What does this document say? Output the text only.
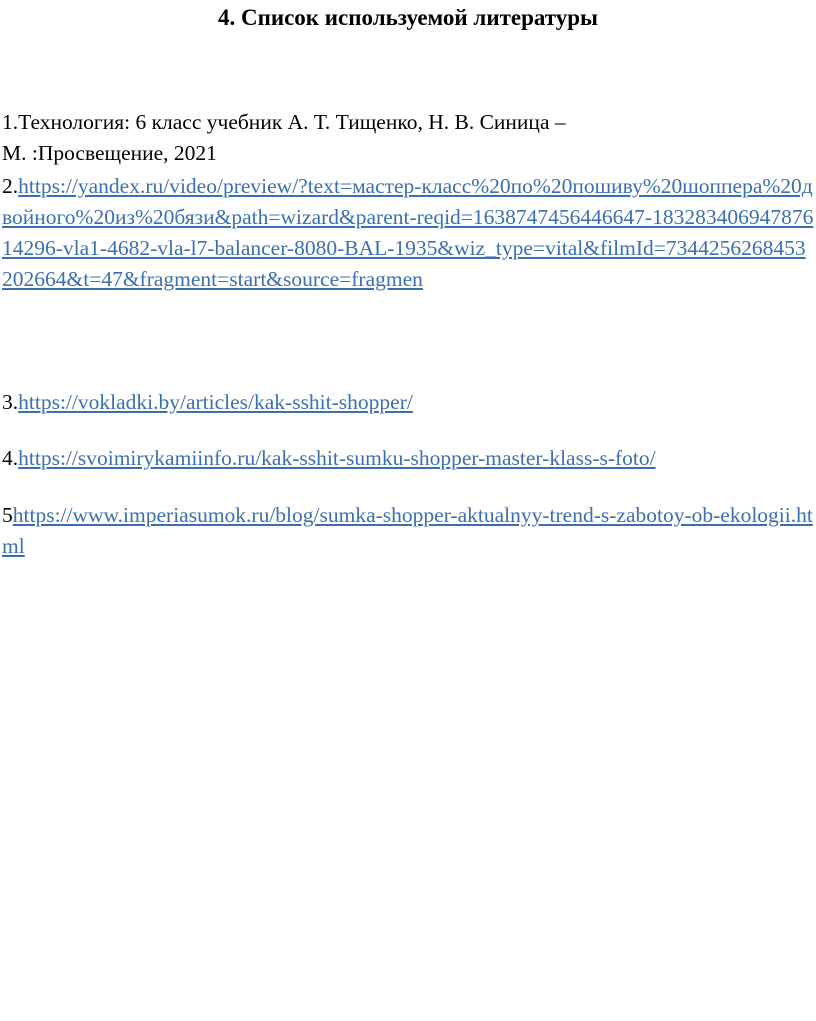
4. Список используемой литературы

1.Технология: 6 класс учебник А. Т. Тищенко, Н. В. Синица –
М. :Просвещение, 2021

2.https://yandex.ru/video/preview/?text=мастер-класс%20по%20пошиву%20шоппера%20двойного%20из%20бязи&path=wizard&parent-reqid=1638747456446647-18328340694787614296-vla1-4682-vla-l7-balancer-8080-BAL-1935&wiz_type=vital&filmId=7344256268453202664&t=47&fragment=start&source=fragmen

3.https://vokladki.by/articles/kak-sshit-shopper/

4.https://svoimirykamiinfo.ru/kak-sshit-sumku-shopper-master-klass-s-foto/

5https://www.imperiasumok.ru/blog/sumka-shopper-aktualnyy-trend-s-zabotoy-ob-ekologii.html
